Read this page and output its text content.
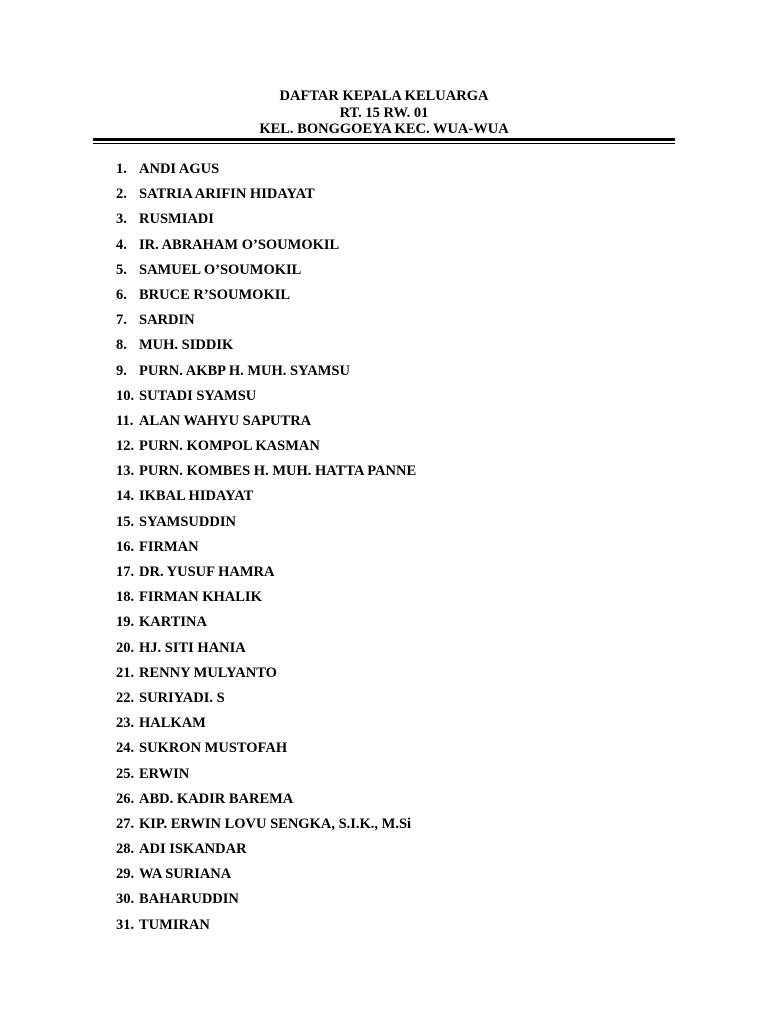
DAFTAR KEPALA KELUARGA
RT. 15 RW. 01
KEL. BONGGOEYA KEC. WUA-WUA
1. ANDI AGUS
2. SATRIA ARIFIN HIDAYAT
3. RUSMIADI
4. IR. ABRAHAM O’SOUMOKIL
5. SAMUEL O’SOUMOKIL
6. BRUCE R’SOUMOKIL
7. SARDIN
8. MUH. SIDDIK
9. PURN. AKBP H. MUH. SYAMSU
10. SUTADI SYAMSU
11. ALAN WAHYU SAPUTRA
12. PURN. KOMPOL KASMAN
13. PURN. KOMBES H. MUH. HATTA PANNE
14. IKBAL HIDAYAT
15. SYAMSUDDIN
16. FIRMAN
17. DR. YUSUF HAMRA
18. FIRMAN KHALIK
19. KARTINA
20. HJ. SITI HANIA
21. RENNY MULYANTO
22. SURIYADI. S
23. HALKAM
24. SUKRON MUSTOFAH
25. ERWIN
26. ABD. KADIR BAREMA
27. KIP. ERWIN LOVU SENGKA, S.I.K., M.Si
28. ADI ISKANDAR
29. WA SURIANA
30. BAHARUDDIN
31. TUMIRAN
